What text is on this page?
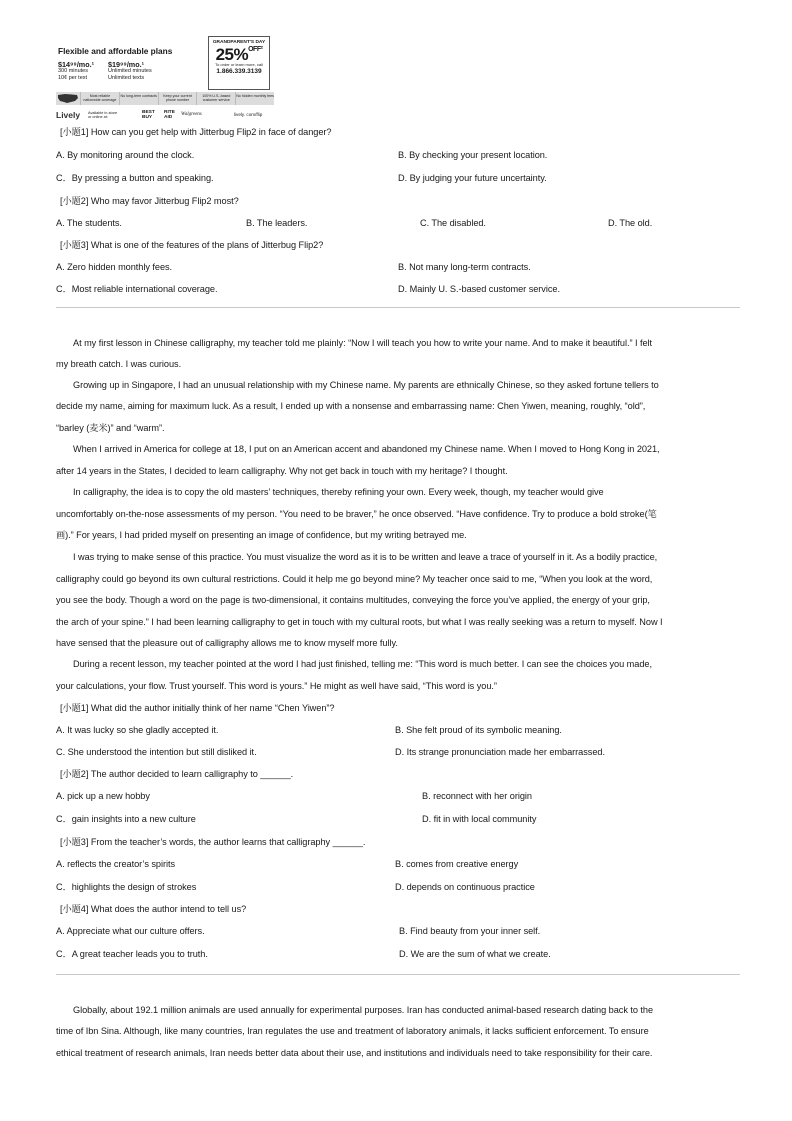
Flexible and affordable plans
$14⁹⁹/mo.¹
300 minutes
10¢ per text
$19⁹⁹/mo.¹
Unlimited minutes
Unlimited texts
GRANDPARENT'S DAY
25%OFF²
To order or learn more, call
1.866.339.3139
Most reliable nationwide coverage
No long-term contracts	Keep your current phone number
100% U.S.-based customer service
No hidden monthly fees
Lively Available in-store
or online at:
BEST
BUY
RITE
AID
Walgreens	lively. com/flip
[小题1] How can you get help with Jitterbug Flip2 in face of danger?
A. By monitoring around the clock.	B. By checking your present location.
C．By pressing a button and speaking.	D. By judging your future uncertainty.
[小题2] Who may favor Jitterbug Flip2 most?
A. The students.	B. The leaders.	C. The disabled.	D. The old.
[小题3] What is one of the features of the plans of Jitterbug Flip2?
A. Zero hidden monthly fees.	B. Not many long-term contracts.
C．Most reliable international coverage.	D. Mainly U. S.-based customer service.
At my first lesson in Chinese calligraphy, my teacher told me plainly: “Now I will teach you how to write your name. And to make it beautiful.” I felt
my breath catch. I was curious.
Growing up in Singapore, I had an unusual relationship with my Chinese name. My parents are ethnically Chinese, so they asked fortune tellers to
decide my name, aiming for maximum luck. As a result, I ended up with a nonsense and embarrassing name: Chen Yiwen, meaning, roughly, “old”,
“barley (麦米)” and “warm”.
When I arrived in America for college at 18, I put on an American accent and abandoned my Chinese name. When I moved to Hong Kong in 2021,
after 14 years in the States, I decided to learn calligraphy. Why not get back in touch with my heritage? I thought.
In calligraphy, the idea is to copy the old masters’ techniques, thereby refining your own. Every week, though, my teacher would give
uncomfortably on-the-nose assessments of my person. “You need to be braver,” he once observed. “Have confidence. Try to produce a bold stroke(笔
画).” For years, I had prided myself on presenting an image of confidence, but my writing betrayed me.
I was trying to make sense of this practice. You must visualize the word as it is to be written and leave a trace of yourself in it. As a bodily practice,
calligraphy could go beyond its own cultural restrictions. Could it help me go beyond mine? My teacher once said to me, “When you look at the word,
you see the body. Though a word on the page is two-dimensional, it contains multitudes, conveying the force you’ve applied, the energy of your grip,
the arch of your spine.” I had been learning calligraphy to get in touch with my cultural roots, but what I was really seeking was a return to myself. Now I
have sensed that the pleasure out of calligraphy allows me to know myself more fully.
During a recent lesson, my teacher pointed at the word I had just finished, telling me: “This word is much better. I can see the choices you made,
your calculations, your flow. Trust yourself. This word is yours.” He might as well have said, “This word is you.”
[小题1] What did the author initially think of her name “Chen Yiwen”?
A. It was lucky so she gladly accepted it.	B. She felt proud of its symbolic meaning.
C. She understood the intention but still disliked it.	D. Its strange pronunciation made her embarrassed.
[小题2] The author decided to learn calligraphy to ______.
A. pick up a new hobby	B. reconnect with her origin
C．gain insights into a new culture	D. fit in with local community
[小题3] From the teacher’s words, the author learns that calligraphy ______.
A. reflects the creator’s spirits	B. comes from creative energy
C．highlights the design of strokes	D. depends on continuous practice
[小题4] What does the author intend to tell us?
A. Appreciate what our culture offers.	B. Find beauty from your inner self.
C．A great teacher leads you to truth.	D. We are the sum of what we create.
Globally, about 192.1 million animals are used annually for experimental purposes. Iran has conducted animal-based research dating back to the
time of Ibn Sina. Although, like many countries, Iran regulates the use and treatment of laboratory animals, it lacks sufficient enforcement. To ensure
ethical treatment of research animals, Iran needs better data about their use, and institutions and individuals need to take responsibility for their care.
